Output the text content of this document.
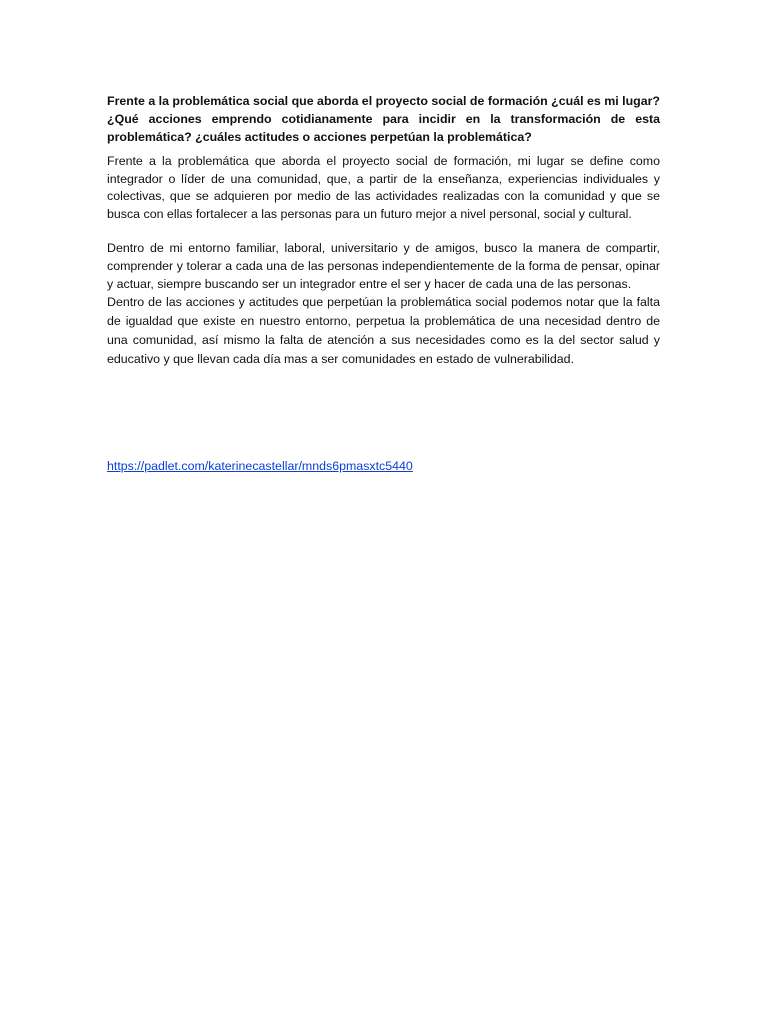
Frente a la problemática social que aborda el proyecto social de formación ¿cuál es mi lugar? ¿Qué acciones emprendo cotidianamente para incidir en la transformación de esta problemática? ¿cuáles actitudes o acciones perpetúan la problemática?

Frente a la problemática que aborda el proyecto social de formación, mi lugar se define como integrador o líder de una comunidad, que, a partir de la enseñanza, experiencias individuales y colectivas, que se adquieren por medio de las actividades realizadas con la comunidad y que se busca con ellas fortalecer a las personas para un futuro mejor a nivel personal, social y cultural.

Dentro de mi entorno familiar, laboral, universitario y de amigos, busco la manera de compartir, comprender y tolerar a cada una de las personas independientemente de la forma de pensar, opinar y actuar, siempre buscando ser un integrador entre el ser y hacer de cada una de las personas.

Dentro de las acciones y actitudes que perpetúan la problemática social podemos notar que la falta de igualdad que existe en nuestro entorno, perpetua la problemática de una necesidad dentro de una comunidad, así mismo la falta de atención a sus necesidades como es la del sector salud y educativo y que llevan cada día mas a ser comunidades en estado de vulnerabilidad.

https://padlet.com/katerinecastellar/mnds6pmasxtc5440
